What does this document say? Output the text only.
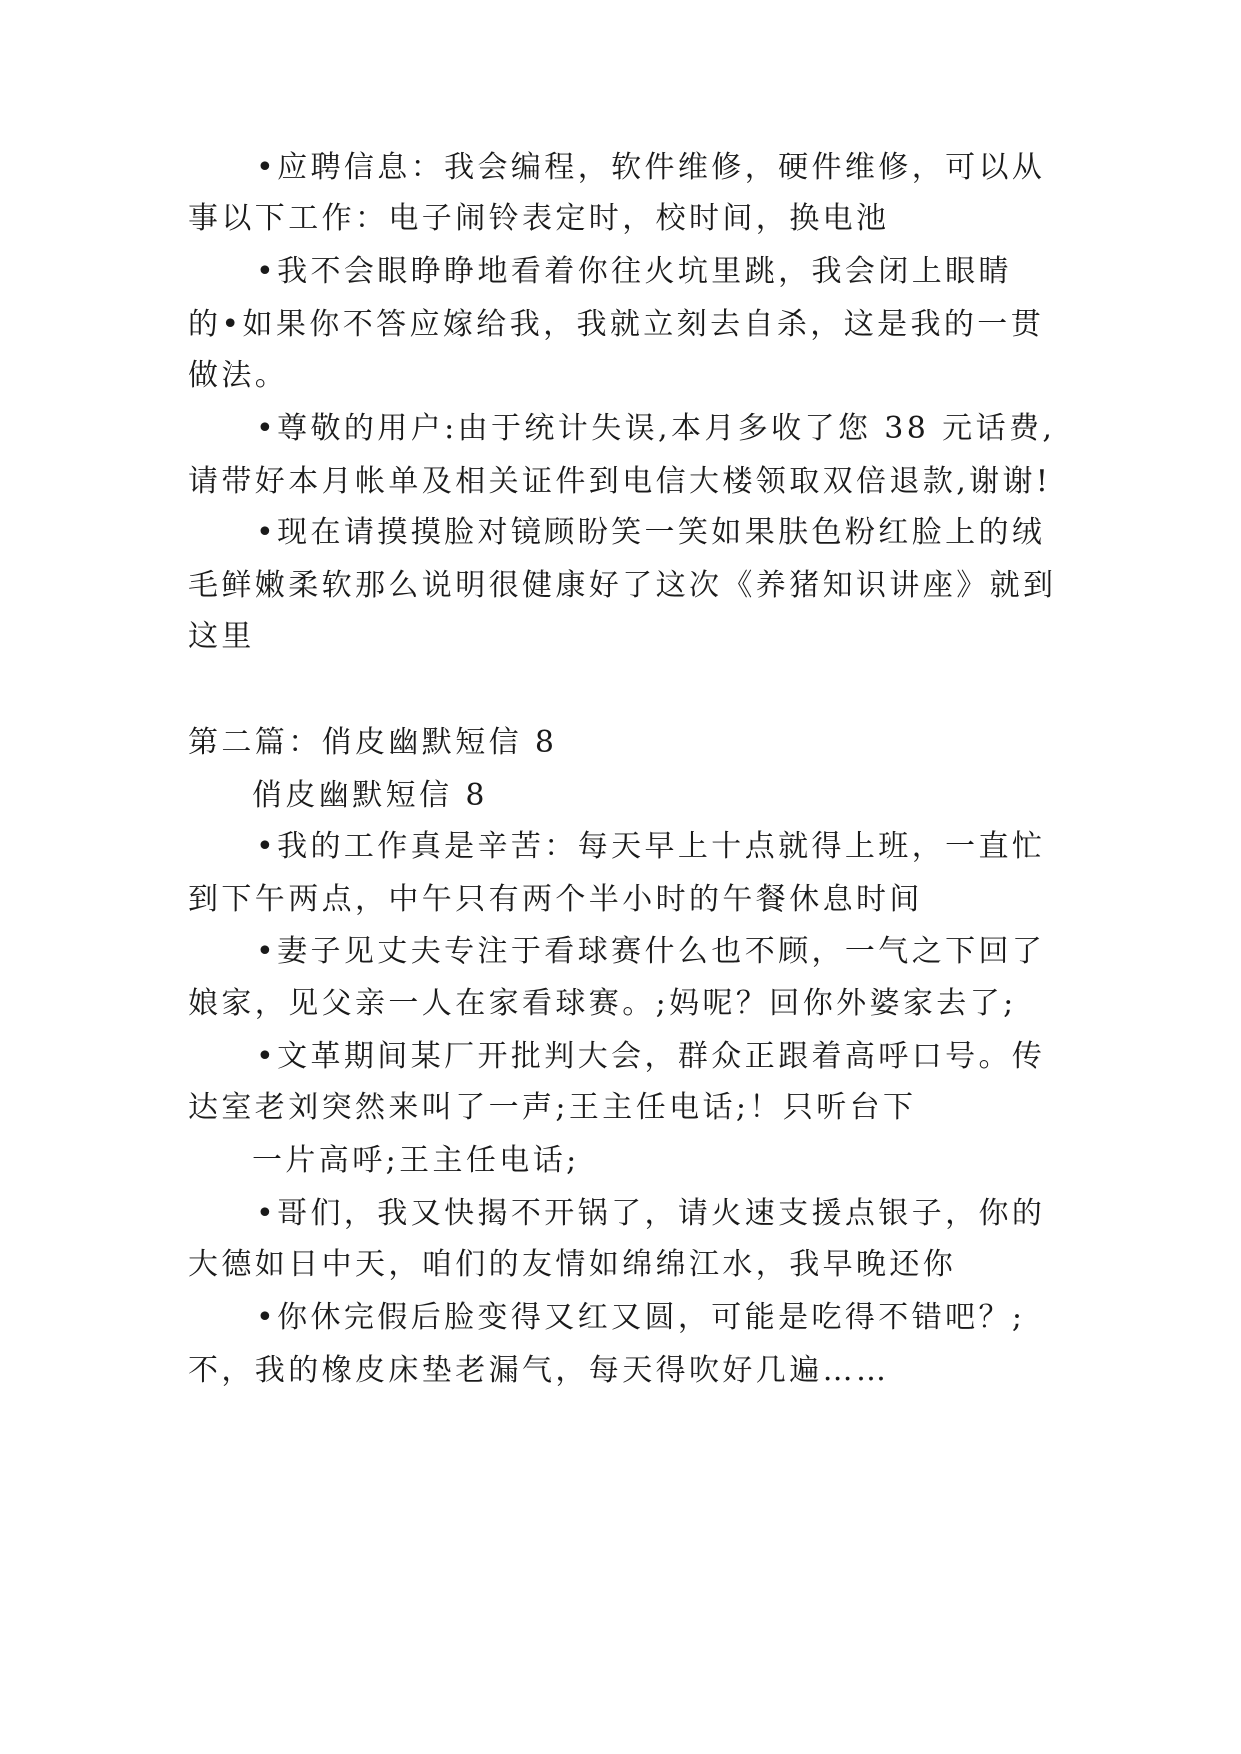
•应聘信息：我会编程，软件维修，硬件维修，可以从
事以下工作：电子闹铃表定时，校时间，换电池
•我不会眼睁睁地看着你往火坑里跳，我会闭上眼睛
的•如果你不答应嫁给我，我就立刻去自杀，这是我的一贯
做法。
•尊敬的用户:由于统计失误,本月多收了您 38 元话费,
请带好本月帐单及相关证件到电信大楼领取双倍退款,谢谢!
•现在请摸摸脸对镜顾盼笑一笑如果肤色粉红脸上的绒
毛鲜嫩柔软那么说明很健康好了这次《养猪知识讲座》就到
这里
第二篇：俏皮幽默短信 8
俏皮幽默短信 8
•我的工作真是辛苦：每天早上十点就得上班，一直忙
到下午两点，中午只有两个半小时的午餐休息时间
•妻子见丈夫专注于看球赛什么也不顾，一气之下回了
娘家，见父亲一人在家看球赛。;妈呢？回你外婆家去了;
•文革期间某厂开批判大会，群众正跟着高呼口号。传
达室老刘突然来叫了一声;王主任电话;！只听台下
一片高呼;王主任电话;
•哥们，我又快揭不开锅了，请火速支援点银子，你的
大德如日中天，咱们的友情如绵绵江水，我早晚还你
•你休完假后脸变得又红又圆，可能是吃得不错吧？;
不，我的橡皮床垫老漏气，每天得吹好几遍……
